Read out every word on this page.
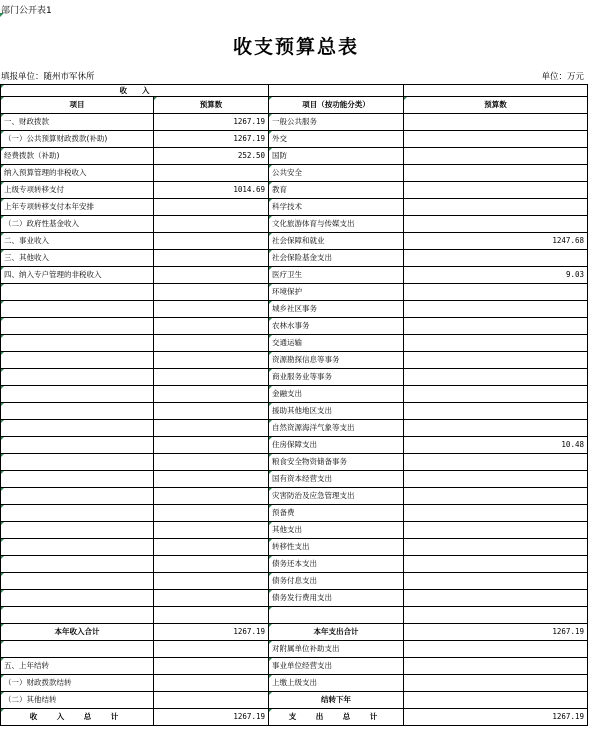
部门公开表1
收支预算总表
填报单位：随州市军休所	单位：万元
收　　入			
项目	预算数	项目（按功能分类）	预算数
一、财政拨款	1267.19	一般公共服务	
（一）公共预算财政拨款(补助)	1267.19	外交	
经费拨款（补助)	252.50	国防	
纳入预算管理的非税收入		公共安全	
上级专项转移支付	1014.69	教育	
上年专项转移支付本年安排		科学技术	
（二）政府性基金收入		文化旅游体育与传媒支出	
二、事业收入		社会保障和就业	1247.68
三、其他收入		社会保险基金支出	
四、纳入专户管理的非税收入		医疗卫生	9.03
		环境保护	
		城乡社区事务	
		农林水事务	
		交通运输	
		资源勘探信息等事务	
		商业服务业等事务	
		金融支出	
		援助其他地区支出	
		自然资源海洋气象等支出	
		住房保障支出	10.48
		粮食安全物资储备事务	
		国有资本经营支出	
		灾害防治及应急管理支出	
		预备费	
		其他支出	
		转移性支出	
		债务还本支出	
		债务付息支出	
		债务发行费用支出	

本年收入合计	1267.19	本年支出合计	1267.19
		对附属单位补助支出	
五、上年结转		事业单位经营支出	
（一）财政拨款结转		上缴上级支出	
（二）其他结转		结转下年	
收　入　总　计	1267.19	支　出　总　计	1267.19
